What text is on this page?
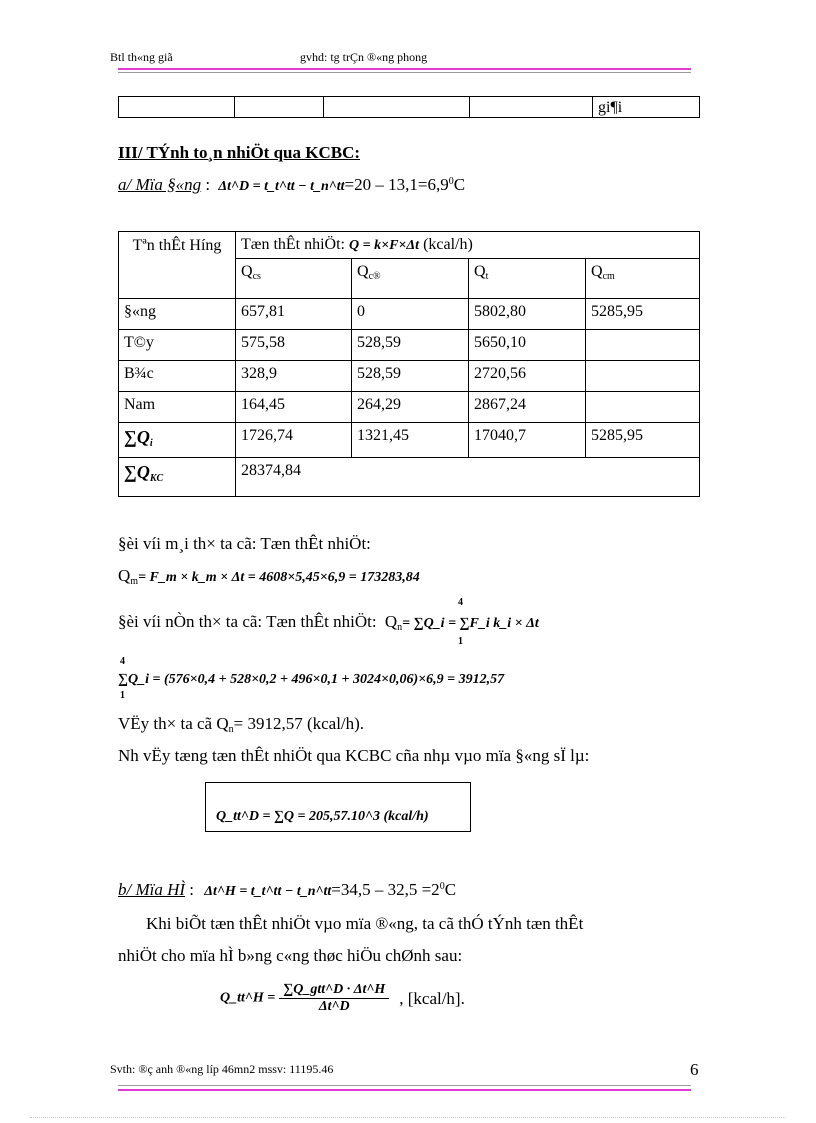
Btl th«ng giã	gvhd: tg trÇn ®«ng phong
				gi¶i
III/ TÝnh to¸n nhiÖt qua KCBC:
a/ Mïa §«ng : Δt^D = t_t^tt − t_n^tt=20 – $13,1=6,9^0C$
Tªn thÊt Híng	Tæn thÊt nhiÖt: Q = k×F×Δt (kcal/h)			
	$Q_{cs}$	$Q_{c®}$	$Q_t$	$Q_{cm}$
§«ng	657,81	0	5802,80	5285,95
T©y	575,58	528,59	5650,10	
B¾c	328,9	528,59	2720,56	
Nam	164,45	264,29	2867,24	
$\sum Q_i$	1726,74	1321,45	17040,7	5285,95
$\sum Q_{KC}$	28374,84			
§èi víi m¸i th× ta cã: Tæn thÊt nhiÖt:
$Q_m=$ F_m × k_m × Δt = 4608×5,45×6,9 = 173283,84
§èi víi nÒn th× ta cã: Tæn thÊt nhiÖt: $Q_n=$ ∑Q_i = ∑F_i k_i × Δt
4
1
4
∑Q_i = (576×0,4 + 528×0,2 + 496×0,1 + 3024×0,06)×6,9 = 3912,57
1
VËy th× ta cã $Q_n= 3912,57$ (kcal/h).
Nh vËy tæng tæn thÊt nhiÖt qua KCBC cña nhµ vµo mïa §«ng sÏ lµ:
Q_tt^D = ∑Q = 205,57.10^3 (kcal/h)
b/ Mïa HÌ : Δt^H = t_t^tt − t_n^tt=34,5 – $32,5 =2^0C$
Khi biÕt tæn thÊt nhiÖt vµo mïa ®«ng, ta cã thÓ tÝnh tæn thÊt
nhiÖt cho mïa hÌ b»ng c«ng thøc hiÖu chØnh sau:
Q_tt^H = $\frac{\text{∑Q\_gtt\textasciicircum{}D · Δt\textasciicircum{}H}}{\Delta t\^{}D}$ , [kcal/h].
Svth: ®ç anh ®«ng líp 46mn2 mssv: 11195.46	6
